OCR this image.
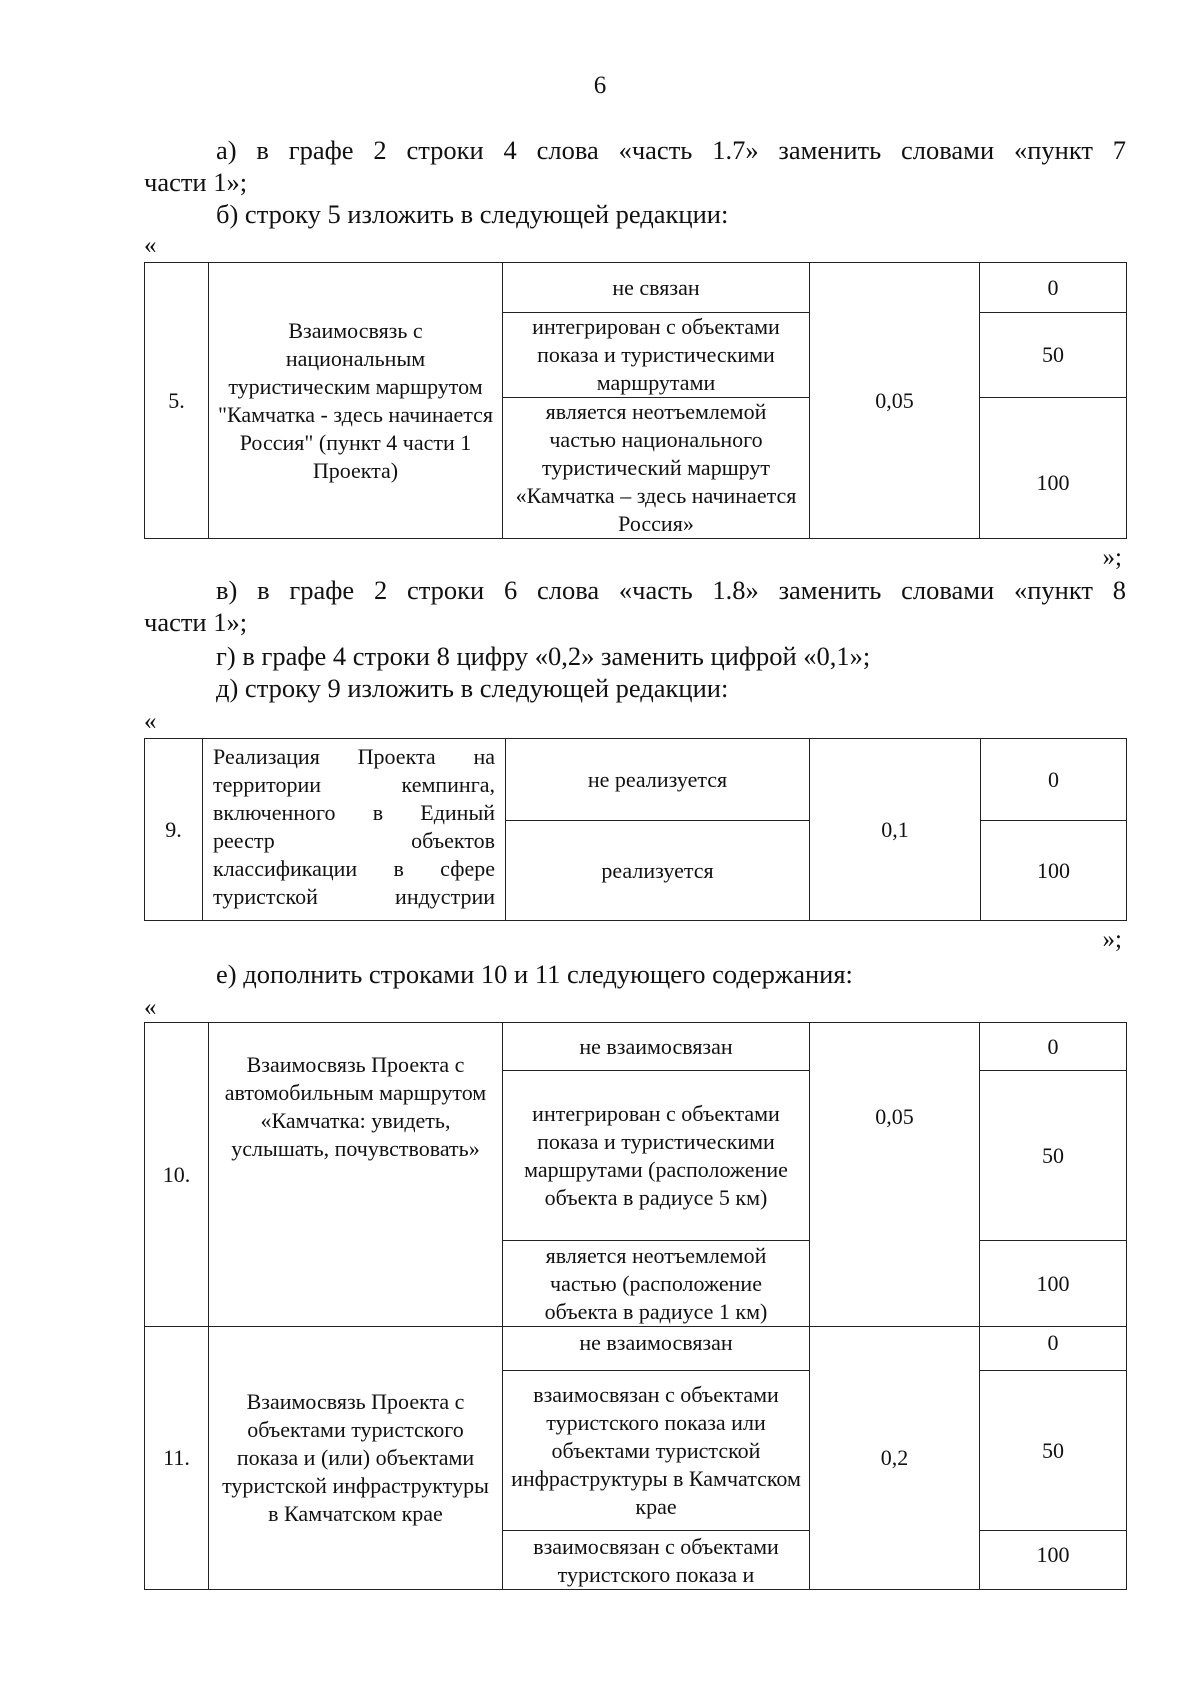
6
а) в графе 2 строки 4 слова «часть 1.7» заменить словами «пункт 7
части 1»;
б) строку 5 изложить в следующей редакции:
«
5.	Взаимосвязь с национальным туристическим маршрутом "Камчатка - здесь начинается Россия" (пункт 4 части 1 Проекта)	не связан	0,05	0
		интегрирован с объектами показа и туристическими маршрутами		50
		является неотъемлемой частью национального туристический маршрут «Камчатка – здесь начинается Россия»		100
»;
в) в графе 2 строки 6 слова «часть 1.8» заменить словами «пункт 8
части 1»;
г) в графе 4 строки 8 цифру «0,2» заменить цифрой «0,1»;
д) строку 9 изложить в следующей редакции:
«
9.	Реализация Проекта на территории кемпинга, включенного в Единый реестр объектов классификации в сфере туристской индустрии	не реализуется	0,1	0
		реализуется		100
»;
е) дополнить строками 10 и 11 следующего содержания:
«
10.	Взаимосвязь Проекта с автомобильным маршрутом «Камчатка: увидеть, услышать, почувствовать»	не взаимосвязан	0,05	0
		интегрирован с объектами показа и туристическими маршрутами (расположение объекта в радиусе 5 км)		50
		является неотъемлемой частью (расположение объекта в радиусе 1 км)		100
11.	Взаимосвязь Проекта с объектами туристского показа и (или) объектами туристской инфраструктуры в Камчатском крае	не взаимосвязан	0,2	0
		взаимосвязан с объектами туристского показа или объектами туристской инфраструктуры в Камчатском крае		50
		взаимосвязан с объектами туристского показа и		100
